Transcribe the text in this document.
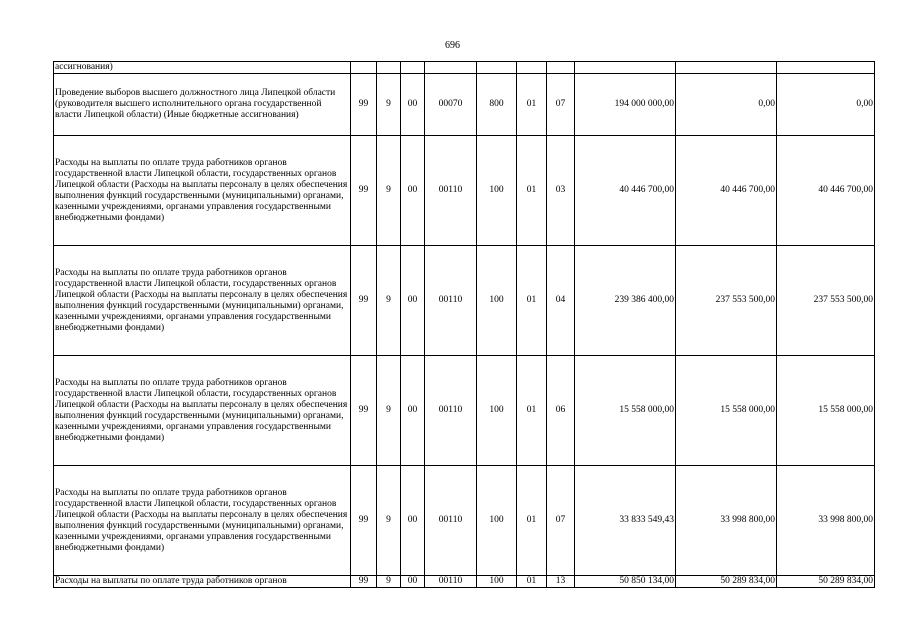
696
ассигнования)										
Проведение выборов высшего должностного лица Липецкой области (руководителя высшего исполнительного органа государственной власти Липецкой области) (Иные бюджетные ассигнования)	99	9	00	00070	800	01	07	194 000 000,00	0,00	0,00
Расходы на выплаты по оплате труда работников органов государственной власти Липецкой области, государственных органов Липецкой области (Расходы на выплаты персоналу в целях обеспечения выполнения функций государственными (муниципальными) органами, казенными учреждениями, органами управления государственными внебюджетными фондами)	99	9	00	00110	100	01	03	40 446 700,00	40 446 700,00	40 446 700,00
Расходы на выплаты по оплате труда работников органов государственной власти Липецкой области, государственных органов Липецкой области (Расходы на выплаты персоналу в целях обеспечения выполнения функций государственными (муниципальными) органами, казенными учреждениями, органами управления государственными внебюджетными фондами)	99	9	00	00110	100	01	04	239 386 400,00	237 553 500,00	237 553 500,00
Расходы на выплаты по оплате труда работников органов государственной власти Липецкой области, государственных органов Липецкой области (Расходы на выплаты персоналу в целях обеспечения выполнения функций государственными (муниципальными) органами, казенными учреждениями, органами управления государственными внебюджетными фондами)	99	9	00	00110	100	01	06	15 558 000,00	15 558 000,00	15 558 000,00
Расходы на выплаты по оплате труда работников органов государственной власти Липецкой области, государственных органов Липецкой области (Расходы на выплаты персоналу в целях обеспечения выполнения функций государственными (муниципальными) органами, казенными учреждениями, органами управления государственными внебюджетными фондами)	99	9	00	00110	100	01	07	33 833 549,43	33 998 800,00	33 998 800,00
Расходы на выплаты по оплате труда работников органов	99	9	00	00110	100	01	13	50 850 134,00	50 289 834,00	50 289 834,00
